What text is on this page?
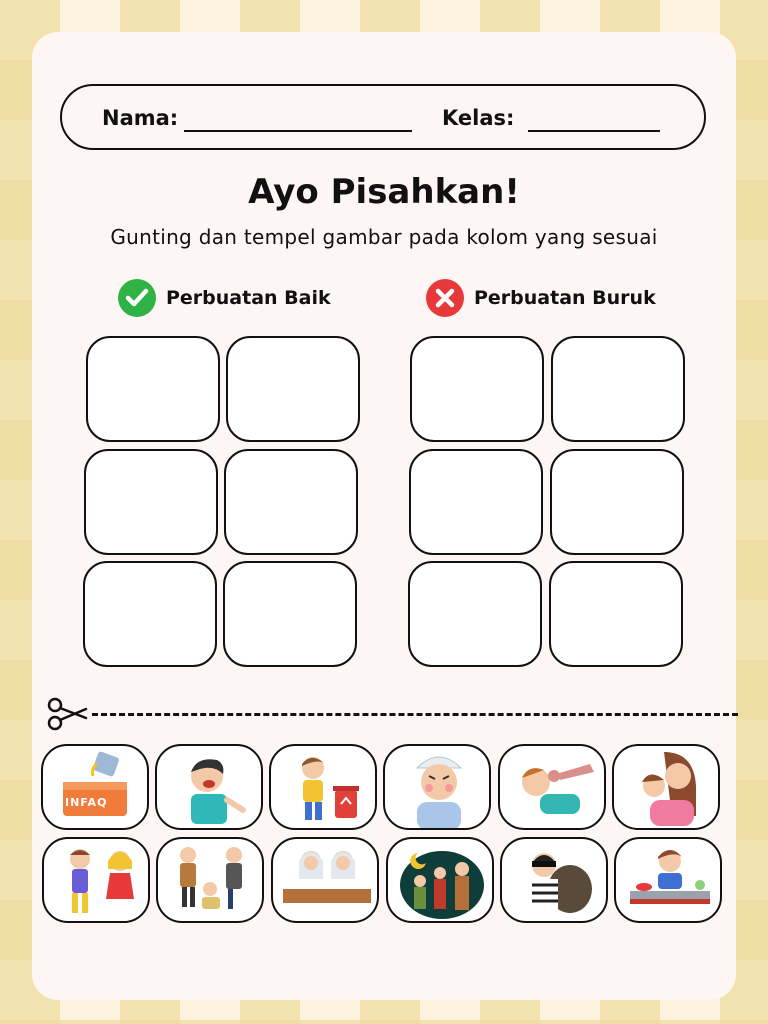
Nama:	Kelas:
Ayo Pisahkan!
Gunting dan tempel gambar pada kolom yang sesuai
Perbuatan Baik	Perbuatan Buruk
INFAQ
